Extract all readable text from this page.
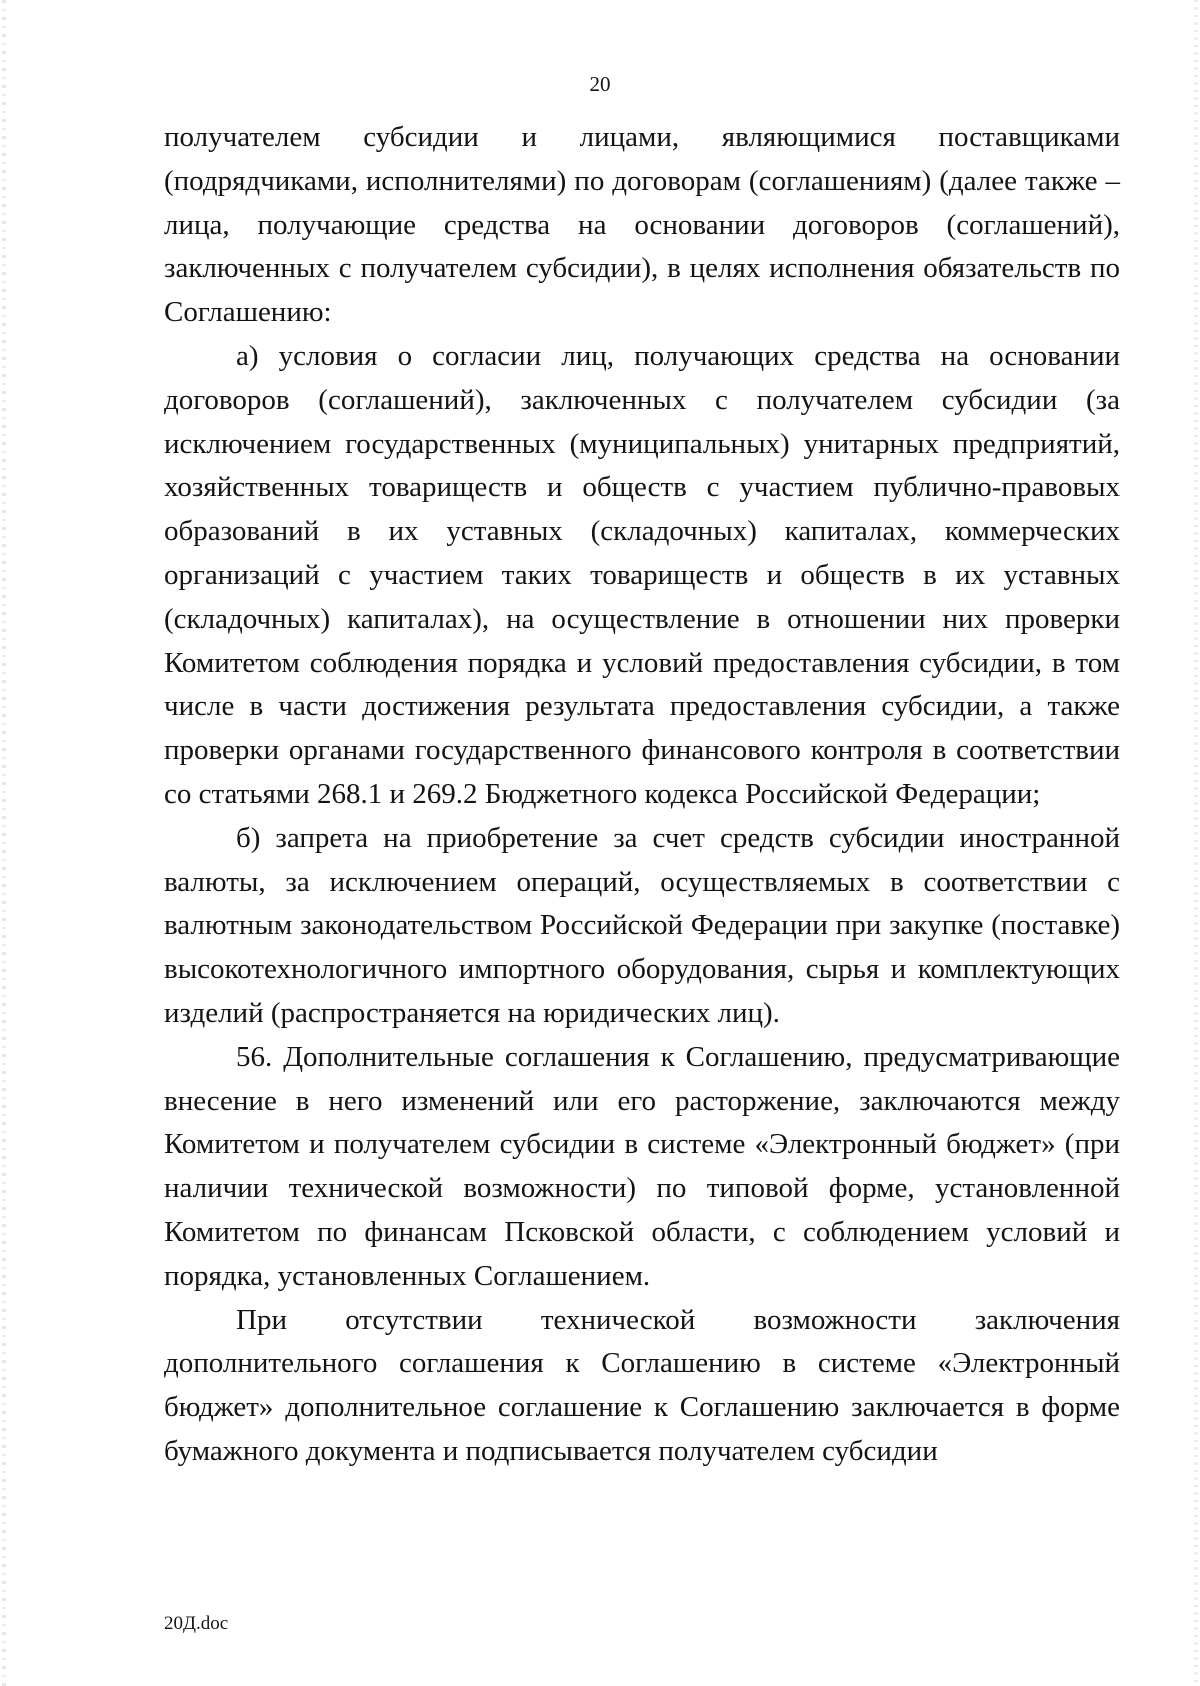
20

получателем субсидии и лицами, являющимися поставщиками (подрядчиками, исполнителями) по договорам (соглашениям) (далее также – лица, получающие средства на основании договоров (соглашений), заключенных с получателем субсидии), в целях исполнения обязательств по Соглашению:

а) условия о согласии лиц, получающих средства на основании договоров (соглашений), заключенных с получателем субсидии (за исключением государственных (муниципальных) унитарных предприятий, хозяйственных товариществ и обществ с участием публично-правовых образований в их уставных (складочных) капиталах, коммерческих организаций с участием таких товариществ и обществ в их уставных (складочных) капиталах), на осуществление в отношении них проверки Комитетом соблюдения порядка и условий предоставления субсидии, в том числе в части достижения результата предоставления субсидии, а также проверки органами государственного финансового контроля в соответствии со статьями 268.1 и 269.2 Бюджетного кодекса Российской Федерации;

б) запрета на приобретение за счет средств субсидии иностранной валюты, за исключением операций, осуществляемых в соответствии с валютным законодательством Российской Федерации при закупке (поставке) высокотехнологичного импортного оборудования, сырья и комплектующих изделий (распространяется на юридических лиц).

56. Дополнительные соглашения к Соглашению, предусматривающие внесение в него изменений или его расторжение, заключаются между Комитетом и получателем субсидии в системе «Электронный бюджет» (при наличии технической возможности) по типовой форме, установленной Комитетом по финансам Псковской области, с соблюдением условий и порядка, установленных Соглашением.

При отсутствии технической возможности заключения дополнительного соглашения к Соглашению в системе «Электронный бюджет» дополнительное соглашение к Соглашению заключается в форме бумажного документа и подписывается получателем субсидии

20Д.doc
